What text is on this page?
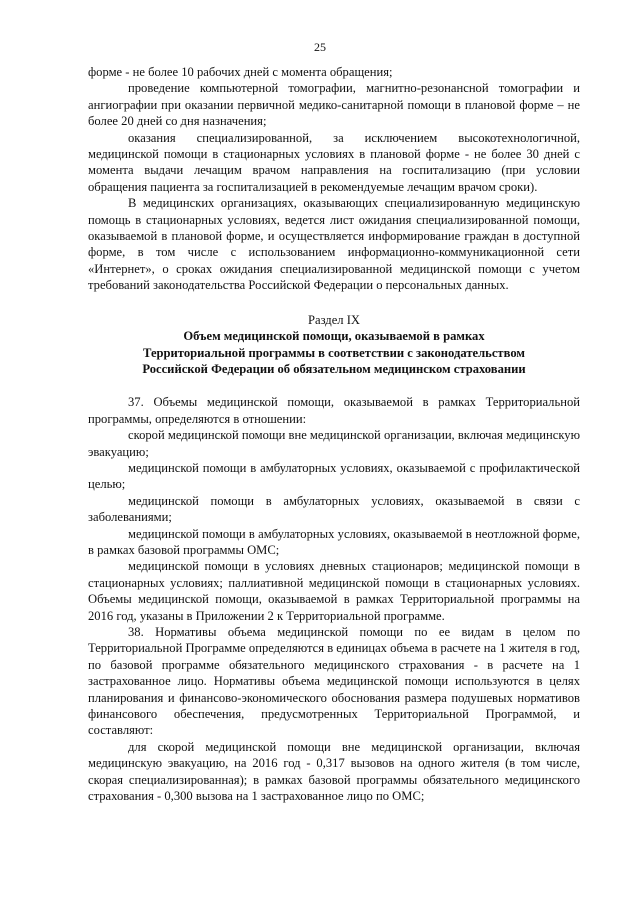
25

форме - не более 10 рабочих дней с момента обращения;

проведение компьютерной томографии, магнитно-резонансной томографии и ангиографии при оказании первичной медико-санитарной помощи в плановой форме – не более 20 дней со дня назначения;

оказания специализированной, за исключением высокотехнологичной, медицинской помощи в стационарных условиях в плановой форме - не более 30 дней с момента выдачи лечащим врачом направления на госпитализацию (при условии обращения пациента за госпитализацией в рекомендуемые лечащим врачом сроки).

В медицинских организациях, оказывающих специализированную медицинскую помощь в стационарных условиях, ведется лист ожидания специализированной помощи, оказываемой в плановой форме, и осуществляется информирование граждан в доступной форме, в том числе с использованием информационно-коммуникационной сети «Интернет», о сроках ожидания специализированной медицинской помощи с учетом требований законодательства Российской Федерации о персональных данных.

Раздел IX
Объем медицинской помощи, оказываемой в рамках
Территориальной программы в соответствии с законодательством
Российской Федерации об обязательном медицинском страховании

37. Объемы медицинской помощи, оказываемой в рамках Территориальной программы, определяются в отношении:

скорой медицинской помощи вне медицинской организации, включая медицинскую эвакуацию;

медицинской помощи в амбулаторных условиях, оказываемой с профилактической целью;

медицинской помощи в амбулаторных условиях, оказываемой в связи с заболеваниями;

медицинской помощи в амбулаторных условиях, оказываемой в неотложной форме, в рамках базовой программы ОМС;

медицинской помощи в условиях дневных стационаров; медицинской помощи в стационарных условиях; паллиативной медицинской помощи в стационарных условиях. Объемы медицинской помощи, оказываемой в рамках Территориальной программы на 2016 год, указаны в Приложении 2 к Территориальной программе.

38. Нормативы объема медицинской помощи по ее видам в целом по Территориальной Программе определяются в единицах объема в расчете на 1 жителя в год, по базовой программе обязательного медицинского страхования - в расчете на 1 застрахованное лицо. Нормативы объема медицинской помощи используются в целях планирования и финансово-экономического обоснования размера подушевых нормативов финансового обеспечения, предусмотренных Территориальной Программой, и составляют:

для скорой медицинской помощи вне медицинской организации, включая медицинскую эвакуацию, на 2016 год - 0,317 вызовов на одного жителя (в том числе, скорая специализированная); в рамках базовой программы обязательного медицинского страхования - 0,300 вызова на 1 застрахованное лицо по ОМС;
